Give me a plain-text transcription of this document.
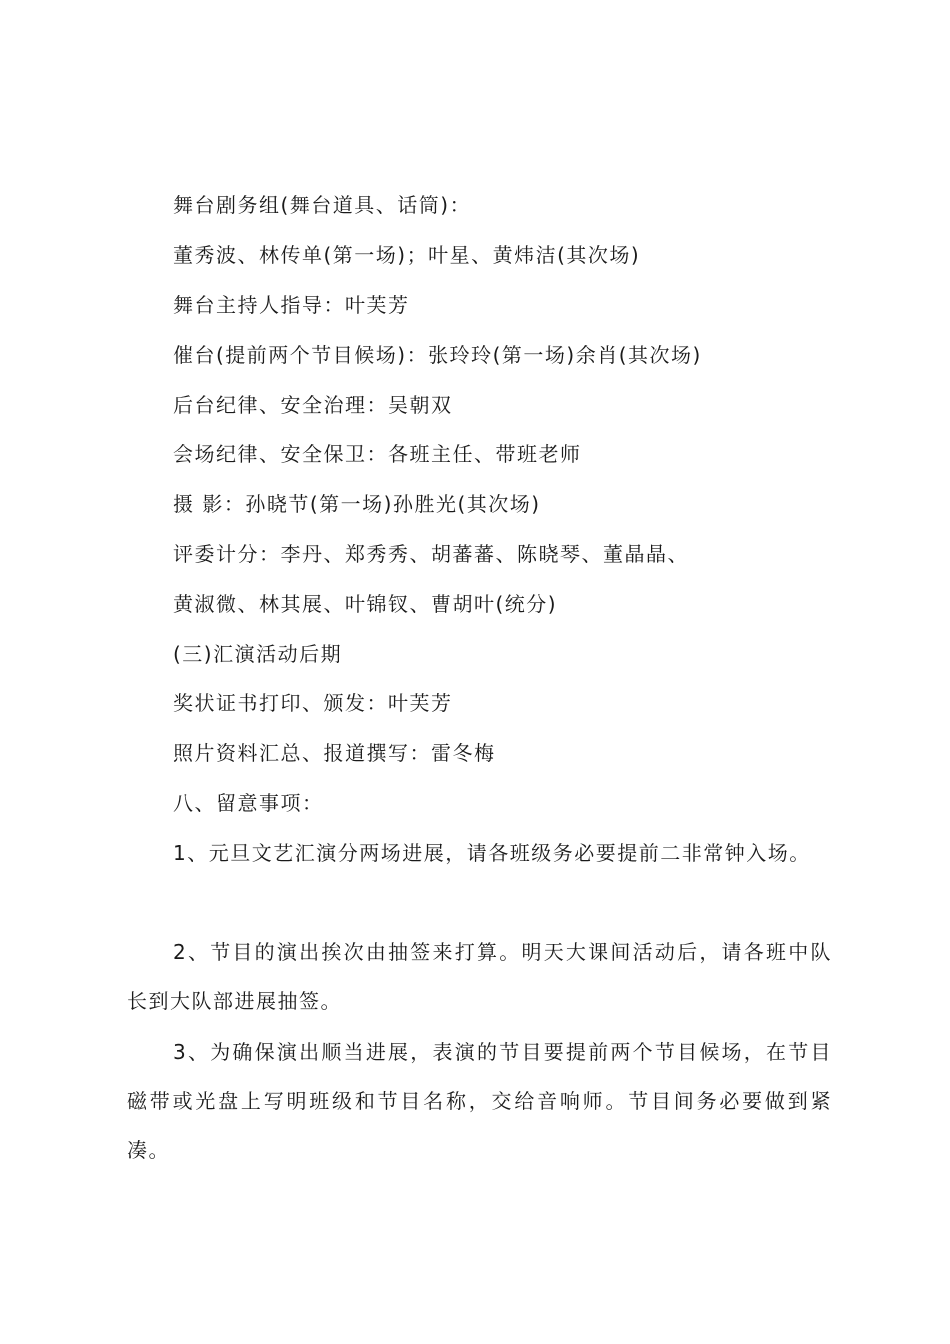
舞台剧务组(舞台道具、话筒)：
董秀波、林传单(第一场)；叶星、黄炜洁(其次场)
舞台主持人指导：叶芙芳
催台(提前两个节目候场)：张玲玲(第一场)余肖(其次场)
后台纪律、安全治理：吴朝双
会场纪律、安全保卫：各班主任、带班老师
摄 影：孙晓节(第一场)孙胜光(其次场)
评委计分：李丹、郑秀秀、胡蕃蕃、陈晓琴、董晶晶、
黄淑微、林其展、叶锦钗、曹胡叶(统分)
(三)汇演活动后期
奖状证书打印、颁发：叶芙芳
照片资料汇总、报道撰写：雷冬梅
八、留意事项：
1、元旦文艺汇演分两场进展，请各班级务必要提前二非常钟入场。
2、节目的演出挨次由抽签来打算。明天大课间活动后，请各班中队长到大队部进展抽签。
3、为确保演出顺当进展，表演的节目要提前两个节目候场，在节目磁带或光盘上写明班级和节目名称，交给音响师。节目间务必要做到紧凑。
